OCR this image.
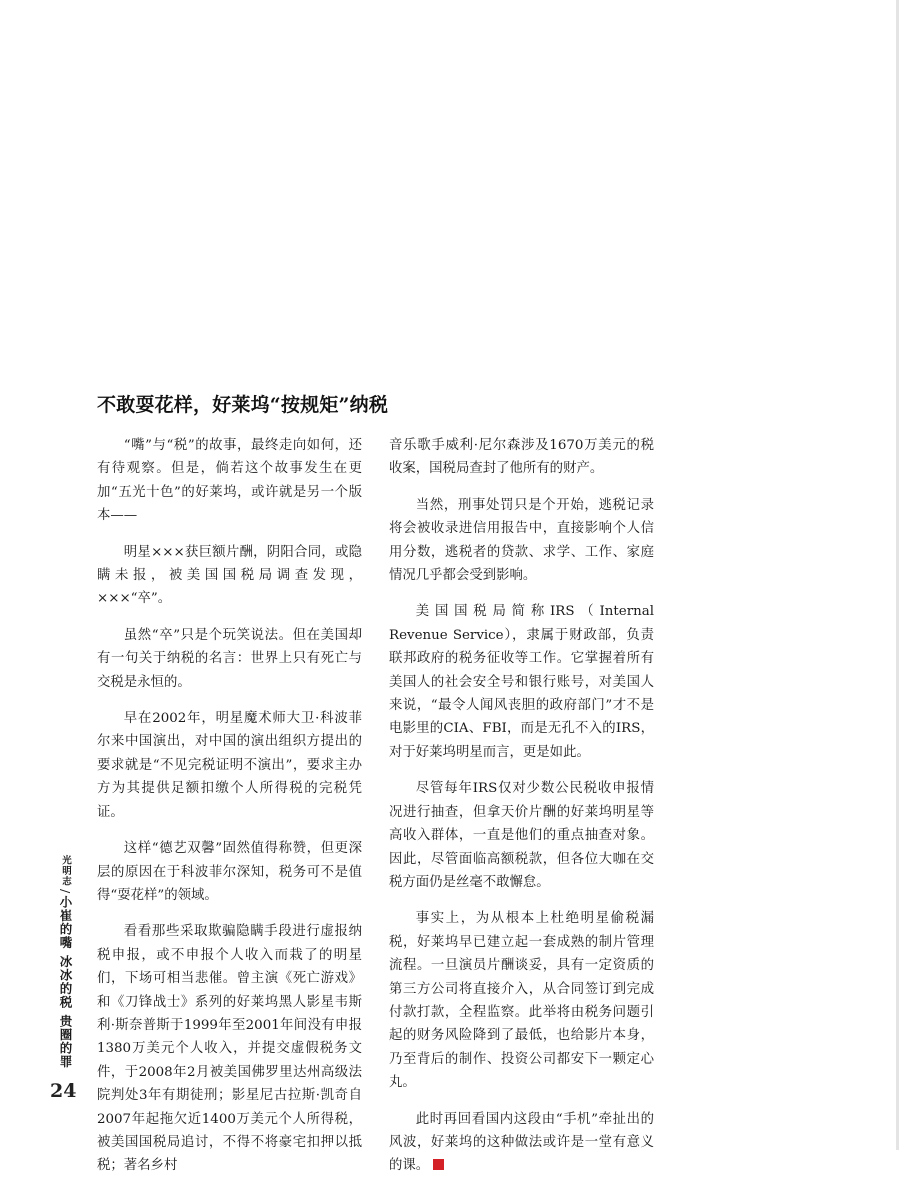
不敢耍花样，好莱坞“按规矩”纳税

“嘴”与“税”的故事，最终走向如何，还有待观察。但是，倘若这个故事发生在更加“五光十色”的好莱坞，或许就是另一个版本——

明星×××获巨额片酬，阴阳合同，或隐瞒未报，被美国国税局调查发现，×××“卒”。

虽然“卒”只是个玩笑说法。但在美国却有一句关于纳税的名言：世界上只有死亡与交税是永恒的。

早在2002年，明星魔术师大卫·科波菲尔来中国演出，对中国的演出组织方提出的要求就是“不见完税证明不演出”，要求主办方为其提供足额扣缴个人所得税的完税凭证。

这样“德艺双馨”固然值得称赞，但更深层的原因在于科波菲尔深知，税务可不是值得“耍花样”的领域。

看看那些采取欺骗隐瞒手段进行虚报纳税申报，或不申报个人收入而栽了的明星们，下场可相当悲催。曾主演《死亡游戏》和《刀锋战士》系列的好莱坞黑人影星韦斯利·斯奈普斯于1999年至2001年间没有申报1380万美元个人收入，并提交虚假税务文件，于2008年2月被美国佛罗里达州高级法院判处3年有期徒刑；影星尼古拉斯·凯奇自2007年起拖欠近1400万美元个人所得税，被美国国税局追讨，不得不将豪宅扣押以抵税；著名乡村

音乐歌手威利·尼尔森涉及1670万美元的税收案，国税局查封了他所有的财产。

当然，刑事处罚只是个开始，逃税记录将会被收录进信用报告中，直接影响个人信用分数，逃税者的贷款、求学、工作、家庭情况几乎都会受到影响。

美国国税局简称IRS（Internal Revenue Service），隶属于财政部，负责联邦政府的税务征收等工作。它掌握着所有美国人的社会安全号和银行账号，对美国人来说，“最令人闻风丧胆的政府部门”才不是电影里的CIA、FBI，而是无孔不入的IRS，对于好莱坞明星而言，更是如此。

尽管每年IRS仅对少数公民税收申报情况进行抽查，但拿天价片酬的好莱坞明星等高收入群体，一直是他们的重点抽查对象。因此，尽管面临高额税款，但各位大咖在交税方面仍是丝毫不敢懈怠。

事实上，为从根本上杜绝明星偷税漏税，好莱坞早已建立起一套成熟的制片管理流程。一旦演员片酬谈妥，具有一定资质的第三方公司将直接介入，从合同签订到完成付款打款，全程监察。此举将由税务问题引起的财务风险降到了最低，也给影片本身，乃至背后的制作、投资公司都安下一颗定心丸。

此时再回看国内这段由“手机”牵扯出的风波，好莱坞的这种做法或许是一堂有意义的课。

光明志/小崔的嘴 冰冰的税 贵圈的罪
24
